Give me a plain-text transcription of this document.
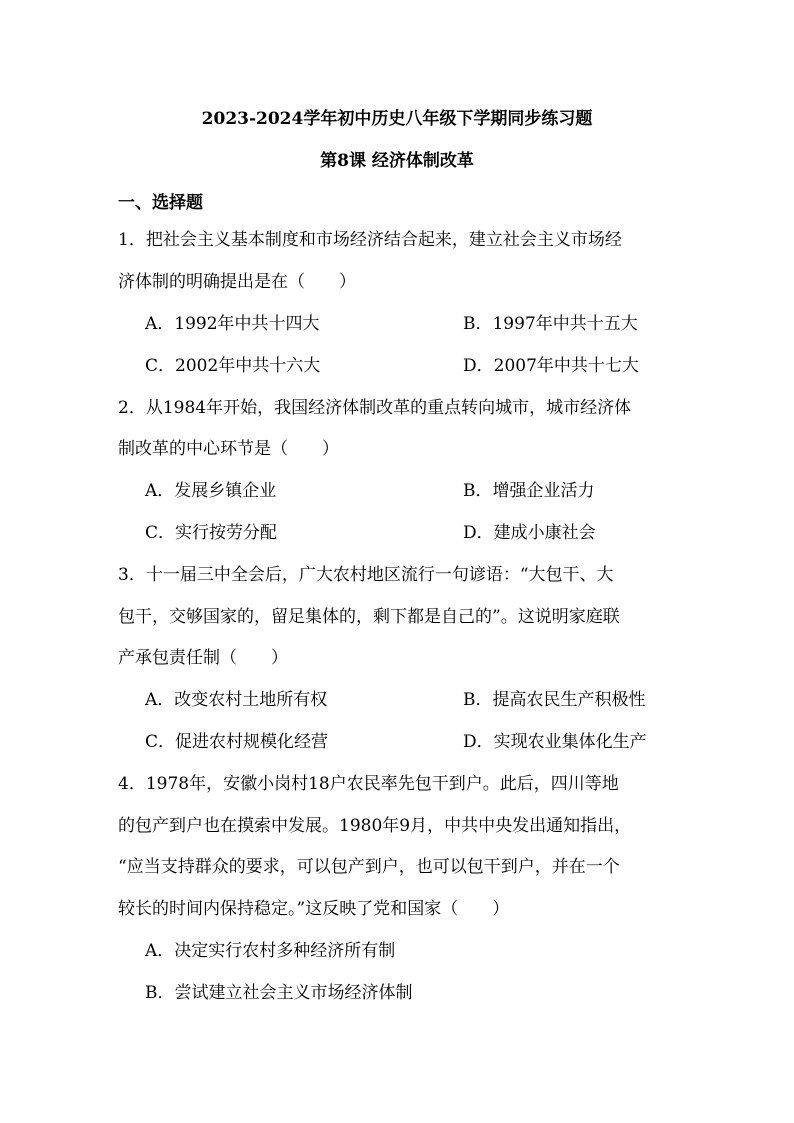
2023-2024学年初中历史八年级下学期同步练习题
第8课 经济体制改革
一、选择题
1．把社会主义基本制度和市场经济结合起来，建立社会主义市场经
济体制的明确提出是在（　　）
A．1992年中共十四大	B．1997年中共十五大
C．2002年中共十六大	D．2007年中共十七大
2．从1984年开始，我国经济体制改革的重点转向城市，城市经济体
制改革的中心环节是（　　）
A．发展乡镇企业	B．增强企业活力
C．实行按劳分配	D．建成小康社会
3．十一届三中全会后，广大农村地区流行一句谚语：“大包干、大
包干，交够国家的，留足集体的，剩下都是自己的”。这说明家庭联
产承包责任制（　　）
A．改变农村土地所有权	B．提高农民生产积极性
C．促进农村规模化经营	D．实现农业集体化生产
4．1978年，安徽小岗村18户农民率先包干到户。此后，四川等地
的包产到户也在摸索中发展。1980年9月，中共中央发出通知指出，
“应当支持群众的要求，可以包产到户，也可以包干到户，并在一个
较长的时间内保持稳定。”这反映了党和国家（　　）
A．决定实行农村多种经济所有制
B．尝试建立社会主义市场经济体制
